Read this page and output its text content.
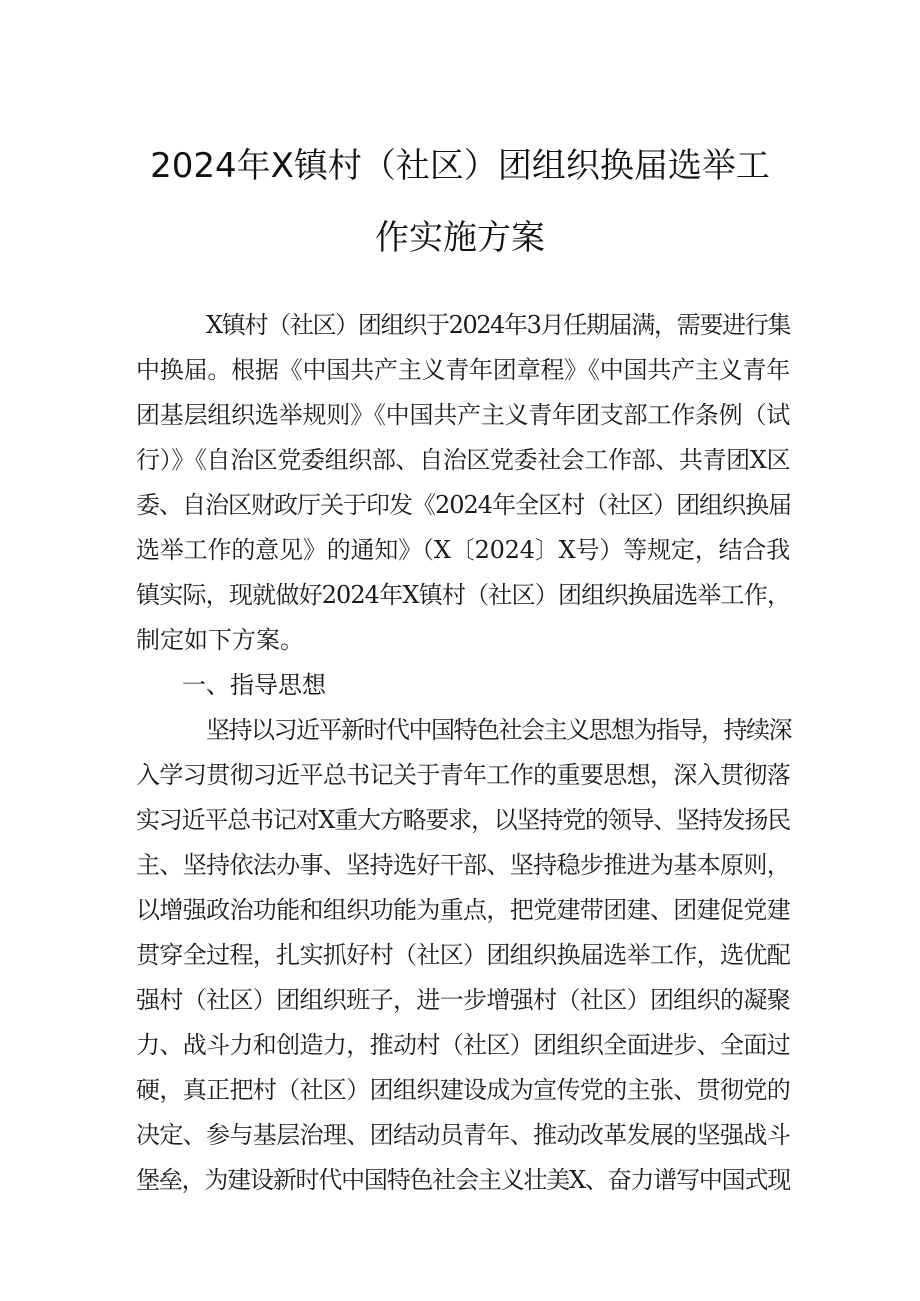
2024年X镇村（社区）团组织换届选举工
作实施方案
X镇村（社区）团组织于2024年3月任期届满，需要进行集
中换届。根据《中国共产主义青年团章程》《中国共产主义青年
团基层组织选举规则》《中国共产主义青年团支部工作条例（试
行）》《自治区党委组织部、自治区党委社会工作部、共青团X区
委、自治区财政厅关于印发《2024年全区村（社区）团组织换届
选举工作的意见》的通知》（X〔2024〕X号）等规定，结合我
镇实际，现就做好2024年X镇村（社区）团组织换届选举工作，
制定如下方案。
一、指导思想
坚持以习近平新时代中国特色社会主义思想为指导，持续深
入学习贯彻习近平总书记关于青年工作的重要思想，深入贯彻落
实习近平总书记对X重大方略要求，以坚持党的领导、坚持发扬民
主、坚持依法办事、坚持选好干部、坚持稳步推进为基本原则，
以增强政治功能和组织功能为重点，把党建带团建、团建促党建
贯穿全过程，扎实抓好村（社区）团组织换届选举工作，选优配
强村（社区）团组织班子，进一步增强村（社区）团组织的凝聚
力、战斗力和创造力，推动村（社区）团组织全面进步、全面过
硬，真正把村（社区）团组织建设成为宣传党的主张、贯彻党的
决定、参与基层治理、团结动员青年、推动改革发展的坚强战斗
堡垒，为建设新时代中国特色社会主义壮美X、奋力谱写中国式现
